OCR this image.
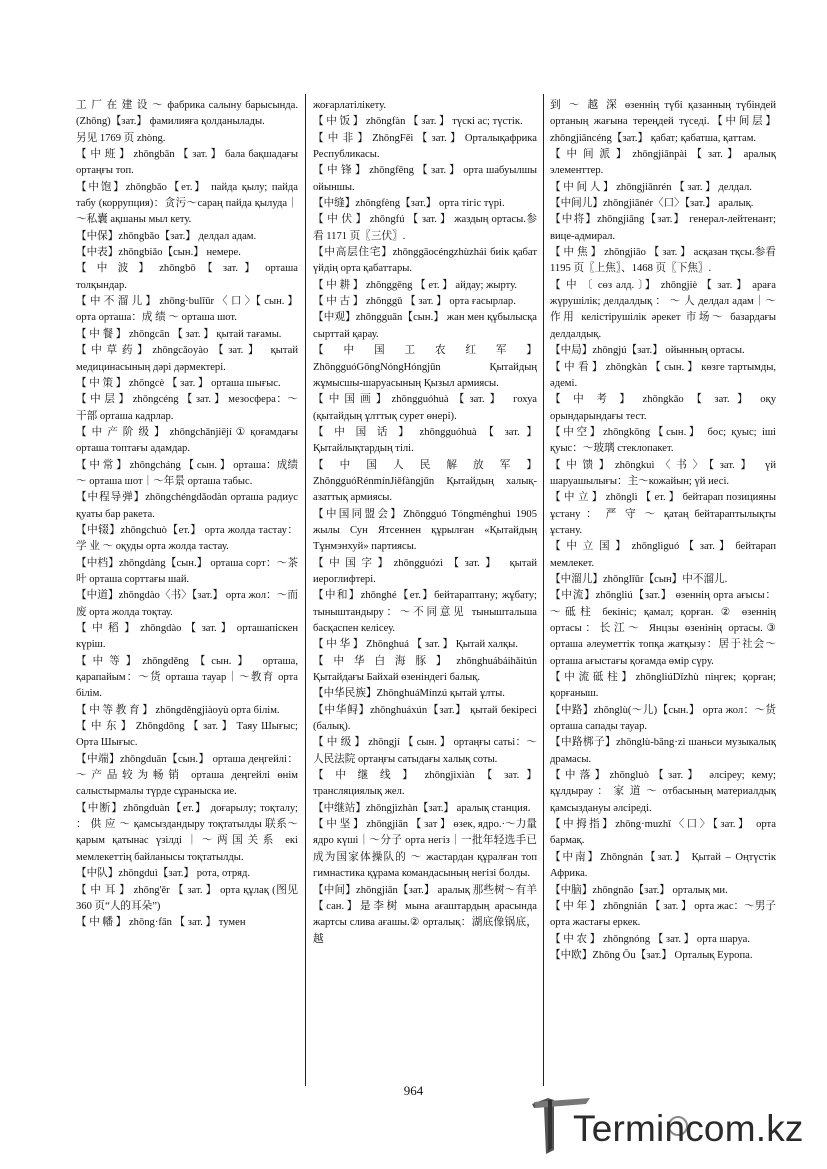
工 厂 在 建 设 ～ фабрика салыну барысында. (Zhōng)【зат.】 фамилияға қолданылады.

另见 1769 页 zhòng.

【 中 班 】 zhōngbān 【 зат. 】 бала бақшадағы ортаңғы топ.

【中饱】zhōngbǎo【ет.】 пайда қылу; пайда табу (коррупция)：贪污～сараң пайда қылуда｜～私囊 ақшаны мыл кету.

【中保】zhōngbǎo【зат.】 делдал адам.

【中表】zhōngbiǎo【сын.】 немере.

【 中 波 】 zhōngbō 【 зат. 】 орташа толқындар.

【 中 不 溜 儿 】 zhōng·bulīūr 〈 口 〉【 сын. 】 орта орташа：成 绩 ～ орташа шот.

【 中 餐 】 zhōngcān 【 зат. 】 қытай тағамы.

【中草药】zhōngcǎoyào【зат.】 қытай медицинасының дәрі дәрмектері.

【 中 策 】 zhōngcè 【 зат. 】 орташа шығыс.

【 中 层 】 zhōngcéng 【 зат. 】 мезосфера：～干部 орташа кадрлар.

【 中 产 阶 级 】 zhōngchǎnjiējí ① қоғамдағы орташа топтағы адамдар.

【 中 常 】 zhōngcháng 【 сын. 】 орташа：成绩～ орташа шот｜～年景 орташа табыс.

【中程导弹】zhōngchéngdǎodàn орташа радиус қуаты бар ракета.

【中辍】zhōngchuò【ет.】 орта жолда тастау：学 业 ～ оқуды орта жолда тастау.

【中档】zhōngdàng【сын.】 орташа сорт：～茶叶 орташа сорттағы шай.

【中道】zhōngdào〈书〉【зат.】 орта жол：～而废 орта жолда тоқтау.

【 中 稻 】 zhōngdào 【 зат. 】 орташапіскен күріш.

【中等】zhōngděng【сын.】 орташа, қарапайым：～货 орташа тауар｜～教育 орта білім.

【 中 等 教 育 】 zhōngděngjiàoyù орта білім.

【 中 东 】 Zhōngdōng 【 зат. 】 Таяу Шығыс; Орта Шығыс.

【中端】zhōngduān【сын.】 орташа деңгейлі：～产品较为畅销 орташа деңгейлі өнім салыстырмалы түрде сұраныска ие.

【中断】zhōngduàn【ет.】 доғарылу; тоқталу; ： 供 应 ～ қамсыздандыру тоқтатылды 联系～ қарым қатынас үзілді｜～两国关系 екі мемлекеттің байланысы тоқтатылды.

【中队】zhōngduì【зат.】 рота, отряд.

【 中 耳 】 zhōng'ěr 【 зат. 】 орта құлақ (图见 360 页“人的耳朵”)

【 中 幡 】 zhōng·fān 【 зат. 】 тумен

жоғарлатілікету.

【 中 饭 】 zhōngfàn 【 зат. 】 түскі ас; түстік.

【 中 非 】 ZhōngFēi 【 зат. 】 Орталықафрика Республикасы.

【 中 锋 】 zhōngfēng 【 зат. 】 орта шабуылшы ойыншы.

【中缝】zhōngfèng【зат.】 орта тігіс түрі.

【 中 伏 】 zhōngfú 【 зат. 】 жаздың ортасы.参看 1171 页〖三伏〗.

【中高层住宅】zhōnggāocéngzhùzhái биік қабат үйдің орта қабаттары.

【 中 耕 】 zhōnggēng 【 ет. 】 айдау; жырту.

【 中 古 】 zhōnggǔ 【 зат. 】 орта ғасырлар.

【中观】zhōngguān【сын.】 жан мен құбылысқа сырттай қарау.

【 中 国 工 农 红 军 】 ZhōngguóGōngNóngHóngjūn Қытайдың жұмысшы-шаруасының Қызыл армиясы.

【中国画】zhōngguóhuà【зат.】 гохуа (қытайдың ұлттық сурет өнері).

【 中 国 话 】 zhōngguóhuà 【 зат. 】 Қытайлықтардың тілі.

【 中 国 人 民 解 放 军 】 ZhōngguóRénmínJiěfàngjūn Қытайдың халық-азаттық армиясы.

【中国同盟会】Zhōngguó Tóngménghuì 1905 жылы Сун Ятсеннен құрылған «Қытайдың Тұнмэнхуй» партиясы.

【中国字】zhōngguózì【зат.】 қытай иероглифтері.

【中和】zhōnghé【ет.】бейтараптану; жұбату; тыныштандыру：～不同意见 тыныштальша басқаспен келісеу.

【 中 华 】 Zhōnghuá 【 зат. 】 Қытай халқы.

【 中 华 白 海 豚 】 zhōnghuábáihǎitún Қытайдағы Байхай өзеніндегі балық.

【中华民族】ZhōnghuáMínzú қытай ұлты.

【中华鲟】zhōnghuáxún【зат.】 қытай бекіресі (балық).

【 中 级 】 zhōngjí 【 сын. 】 ортаңғы сатьі：～人民法院 ортаңғы сатыдағы халық соты.

【 中 继 线 】 zhōngjìxiàn 【 зат. 】 трансляциялық жел.

【中继站】zhōngjìzhàn【зат.】 аралық станция.

【 中 坚 】 zhōngjiān 【 зат 】 өзек, ядро.·～力量 ядро күші｜～分子 орта негіз｜一批年轻选手已成为国家体操队的 ～ жастардан құралған топ гимнастика құрама командасының негізі болды.

【中间】zhōngjiān【зат.】 аралық 那些树～有羊【сан.】是李树 мына ағаштардың арасында жартсы слива ағашы.② орталық：湖底像锅底，越

到 ～ 越 深 өзеннің түбі қазанның түбіндей ортаның жағына тереңдей түседі.【中间层】zhōngjiāncéng【зат.】 қабат; қабатша, қаттам.

【 中 间 派 】 zhōngjiānpài 【 зат. 】 аралық элементтер.

【 中 间 人 】 zhōngjiānrén 【 зат. 】 делдал.

【中间儿】zhōngjiānér〈口〉【зат.】 аралық.

【中将】zhōngjiāng【зат.】 генерал-лейтенант; вице-адмирал.

【 中 焦 】 zhōngjiāo 【 зат. 】 асқазан тқсы.参看 1195 页〖上焦〗、1468 页〖下焦〗.

【 中 〔 сөз алд. 〕】 zhōngjiè 【 зат. 】 араға жүрушілік; делдалдық ： ～ 人 делдал адам｜～作用 келістірушілік әрекет 市场～ базардағы делдалдық.

【中局】zhōngjú【зат.】 ойынның ортасы.

【 中 看 】 zhōngkàn 【 сын. 】 көзге тартымды, әдемі.

【 中 考 】 zhōngkǎo 【 зат. 】 оқу орындарындағы тест.

【中空】zhōngkōng【сын.】 бос; қуыс; іші қуыс：～玻璃 стеклопакет.

【中馈】zhōngkuì〈书〉【зат.】 үй шаруашылығы：主～кожайын; үй иесі.

【 中 立 】 zhōnglì 【 ет. 】 бейтарап позицияны ұстану ： 严 守 ～ қатаң бейтараптылықты ұстану.

【 中 立 国 】 zhōnglìguó 【 зат. 】 бейтарап мемлекет.

【中溜儿】zhōnglīūr【сын】中不溜儿.

【中流】zhōngliú【зат.】 өзеннің орта ағысы：～砥柱 бекініс; қамал; қорған. ② өзеннің ортасы：长江～ Янцзы өзенінің ортасы.③ орташа әлеуметтік топқа жатқызу：居于社会～ орташа ағыстағы қоғамда өмір сүру.

【中流砥柱】zhōngliúDǐzhù піңгек; қорған; қорғаныш.

【中路】zhōnglù(～儿)【сын.】 орта жол：～货 орташа сапады тауар.

【中路梆子】zhōnglù-bāng·zi шаньси музыкалық драмасы.

【中落】zhōngluò【зат.】 әлсіреу; кему; құлдырау ： 家 道 ～ отбасының материалдық қамсыздануы әлсіреді.

【中拇指】zhōng·muzhǐ〈口〉【зат.】 орта бармақ.

【中南】Zhōngnán【зат.】 Қытай – Оңтүстік Африка.

【中脑】zhōngnǎo【зат.】 орталық ми.

【 中 年 】 zhōngnián 【 зат. 】 орта жас：～男子 орта жастағы еркек.

【 中 农 】 zhōngnóng 【 зат. 】 орта шаруа.

【中欧】Zhōng Ōu【зат.】 Орталық Еуропа.

964
Termincom.kz
